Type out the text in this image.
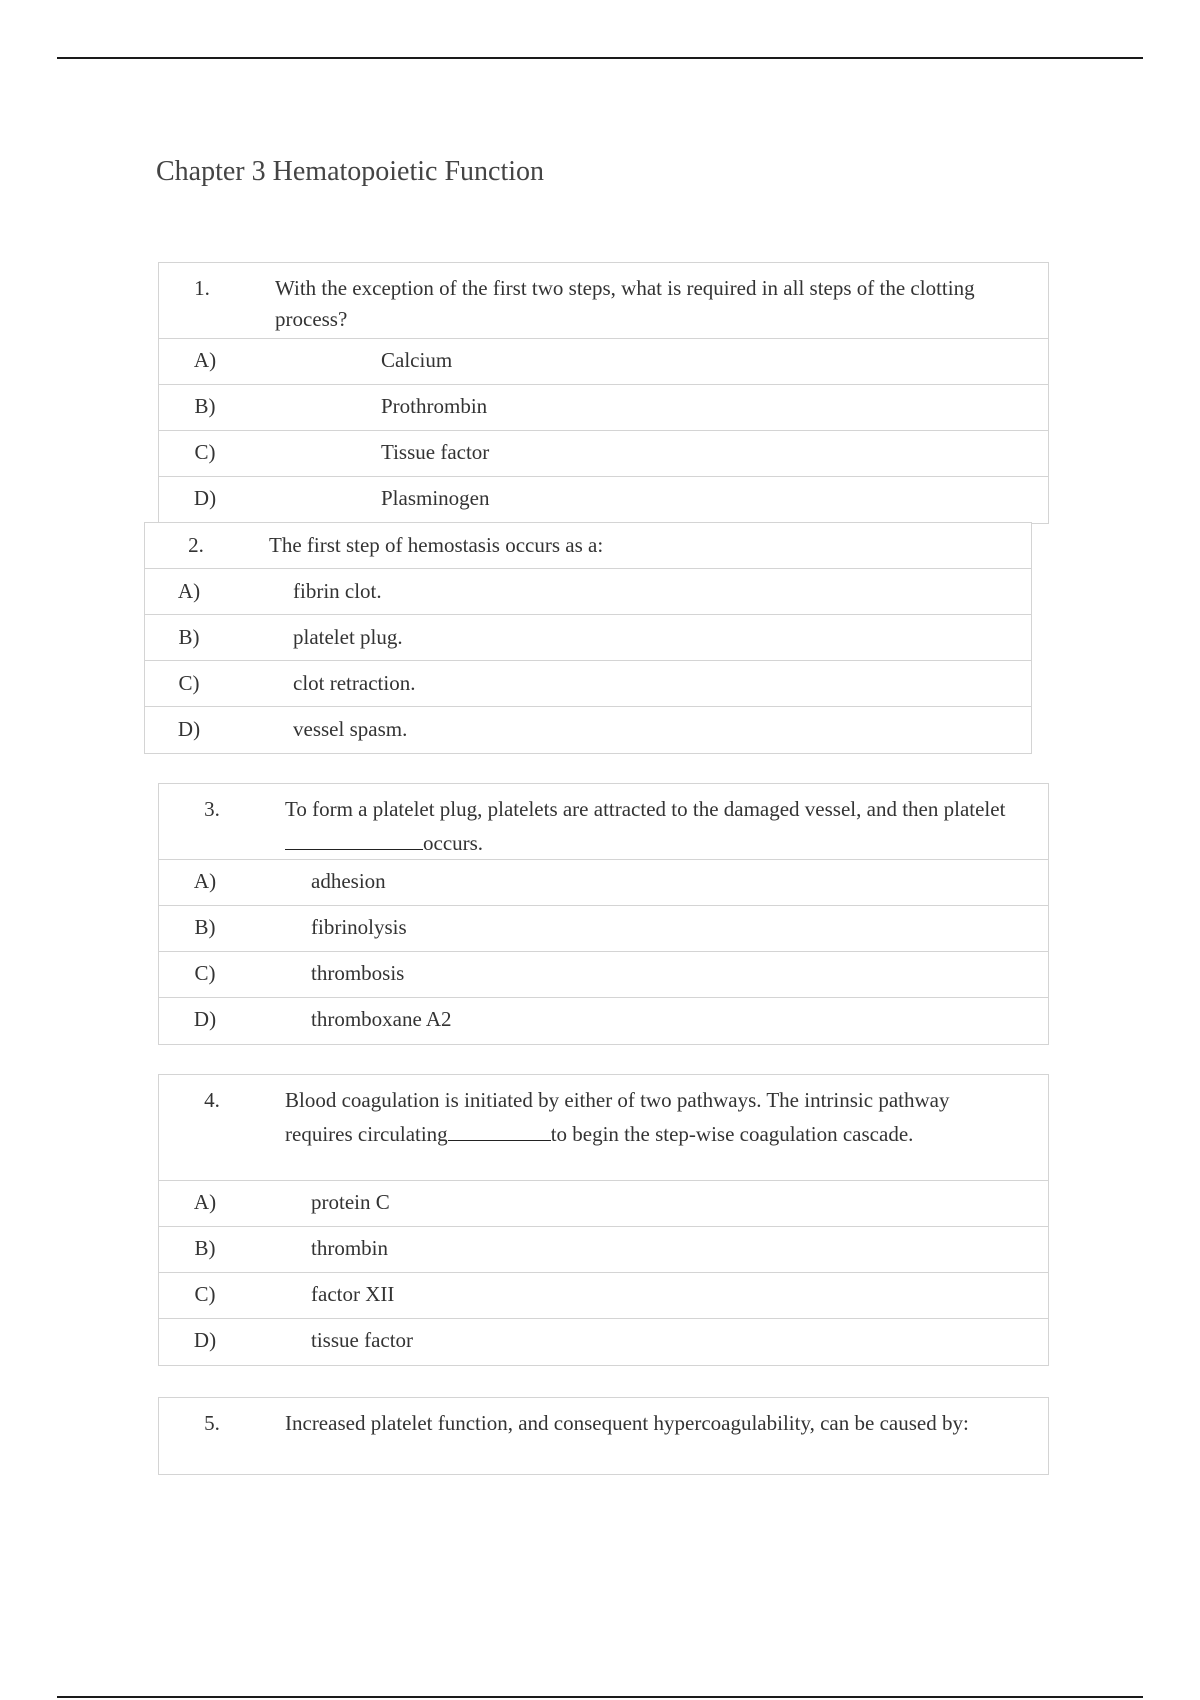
Chapter 3 Hematopoietic Function
1.	With the exception of the first two steps, what is required in all steps of the clotting process?
A)	Calcium
B)	Prothrombin
C)	Tissue factor
D)	Plasminogen
2.	The first step of hemostasis occurs as a:
A)	fibrin clot.
B)	platelet plug.
C)	clot retraction.
D)	vessel spasm.
3.	To form a platelet plug, platelets are attracted to the damaged vessel, and then plateletoccurs.
A)	adhesion
B)	fibrinolysis
C)	thrombosis
D)	thromboxane A2
4.	Blood coagulation is initiated by either of two pathways. The intrinsic pathway requires circulating	to begin the step-wise coagulation cascade.
A)	protein C
B)	thrombin
C)	factor XII
D)	tissue factor
5.	Increased platelet function, and consequent hypercoagulability, can be caused by:
